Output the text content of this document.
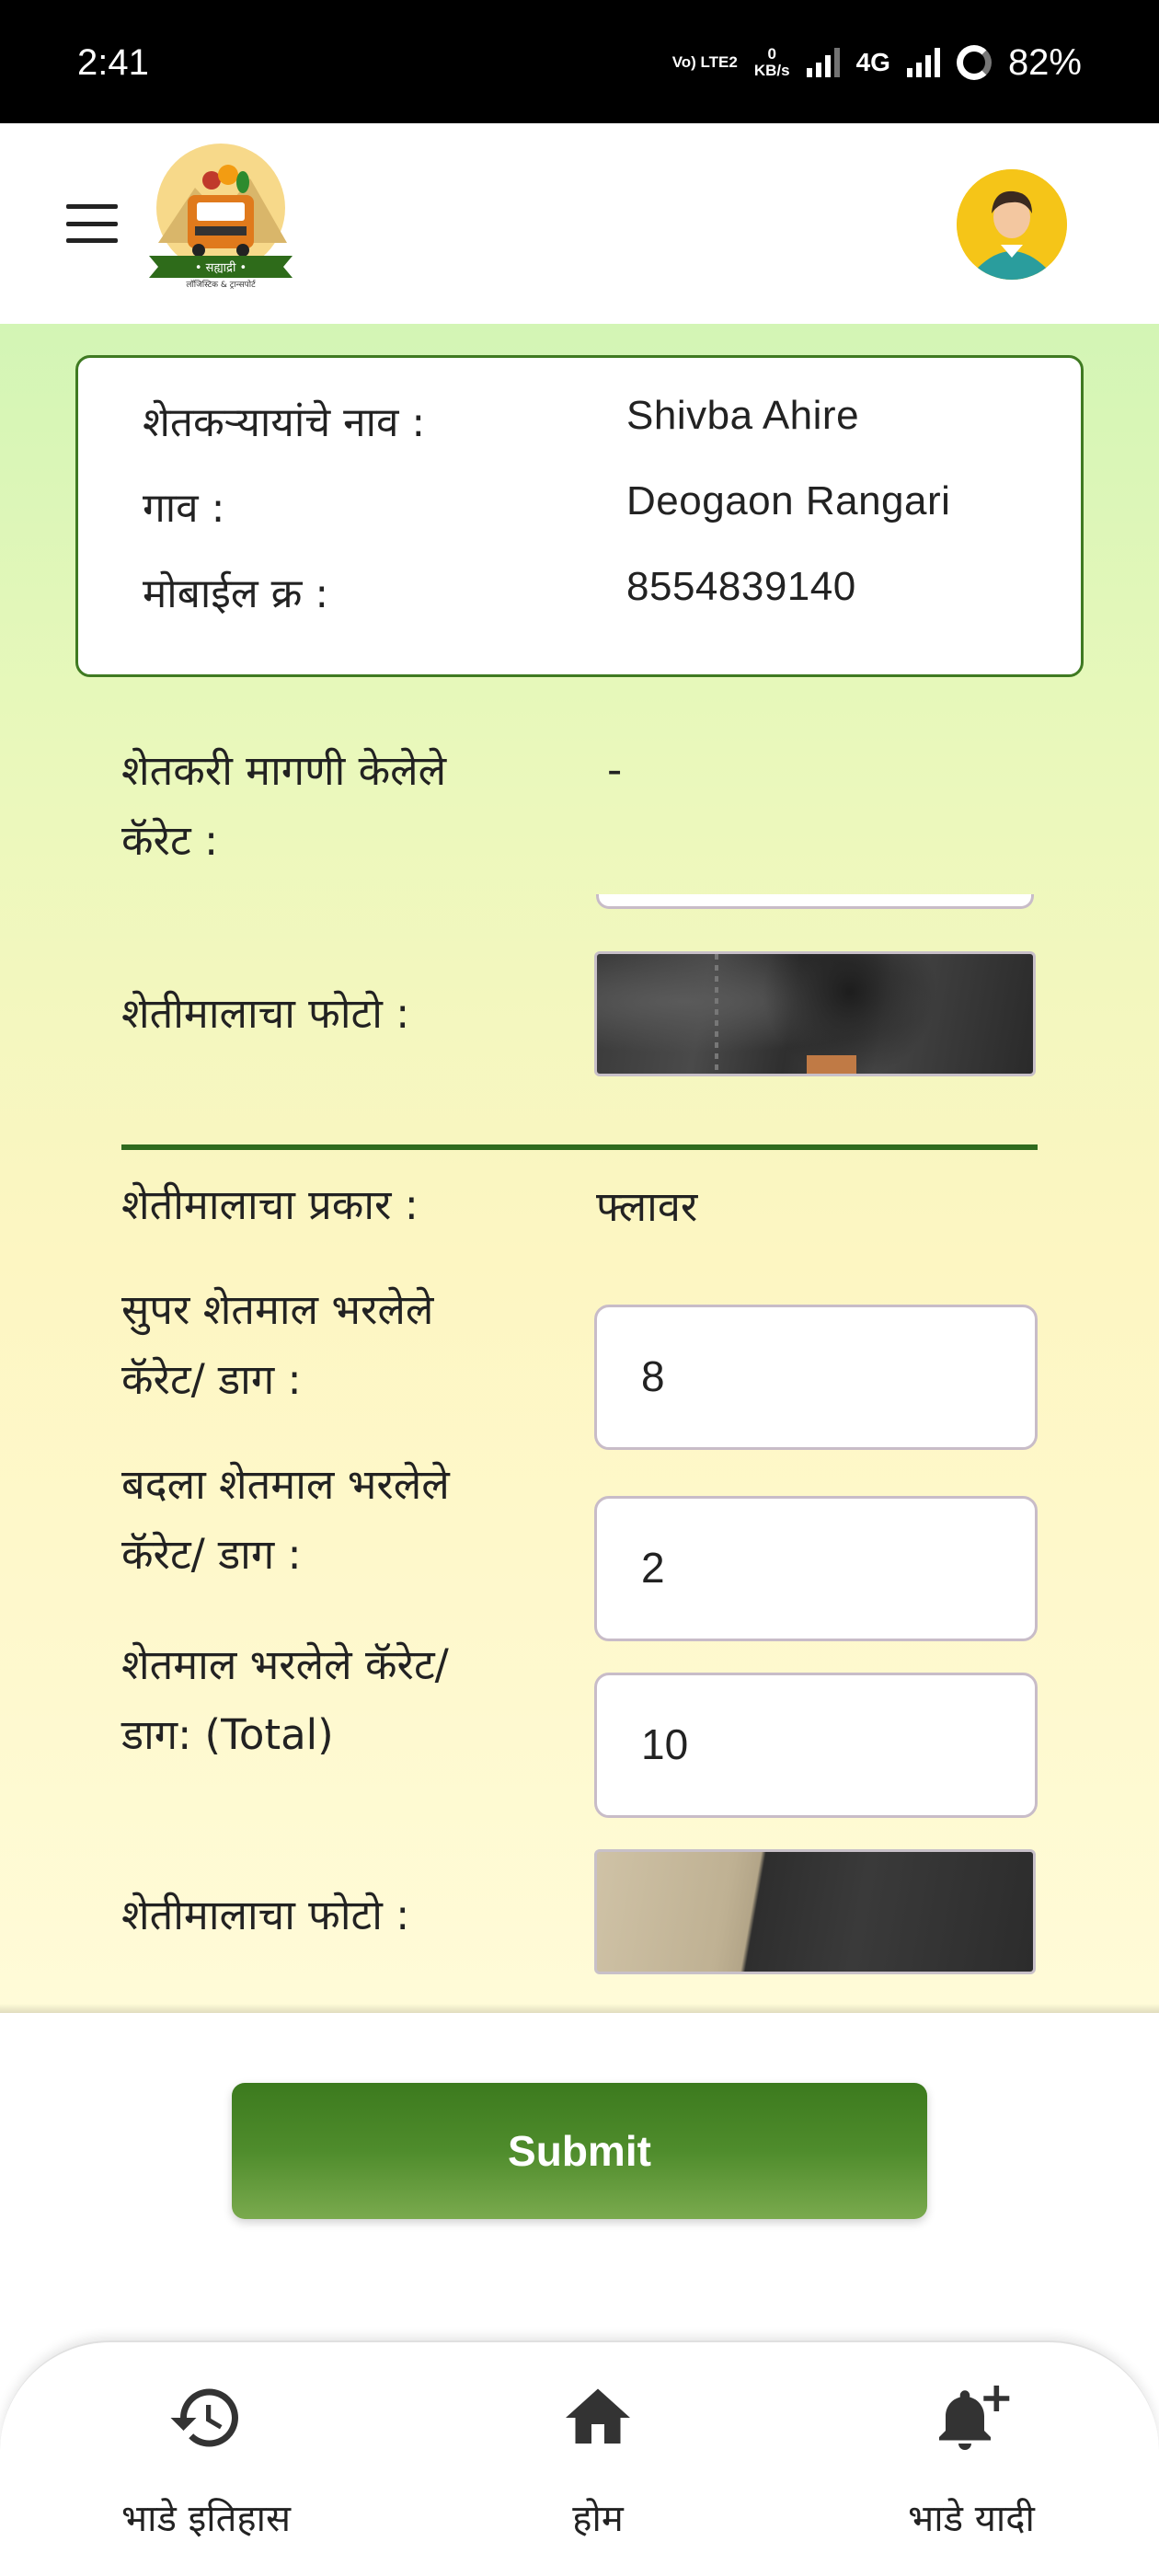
2:41	Vo) LTE2	0
KB/s	4G	82%
• सह्याद्री •
लॉजिस्टिक & ट्रान्सपोर्ट
शेतकऱ्यायांचे नाव :	Shivba Ahire
गाव :	Deogaon Rangari
मोबाईल क्र :	8554839140
शेतकरी मागणी केलेले कॅरेट :
-
शेतीमालाचा फोटो :
शेतीमालाचा प्रकार :	फ्लावर
सुपर शेतमाल भरलेले कॅरेट/ डाग :	8
बदला शेतमाल भरलेले कॅरेट/ डाग :	2
शेतमाल भरलेले कॅरेट/ डाग: (Total)	10
शेतीमालाचा फोटो :
Submit
भाडे इतिहास	होम	भाडे यादी
